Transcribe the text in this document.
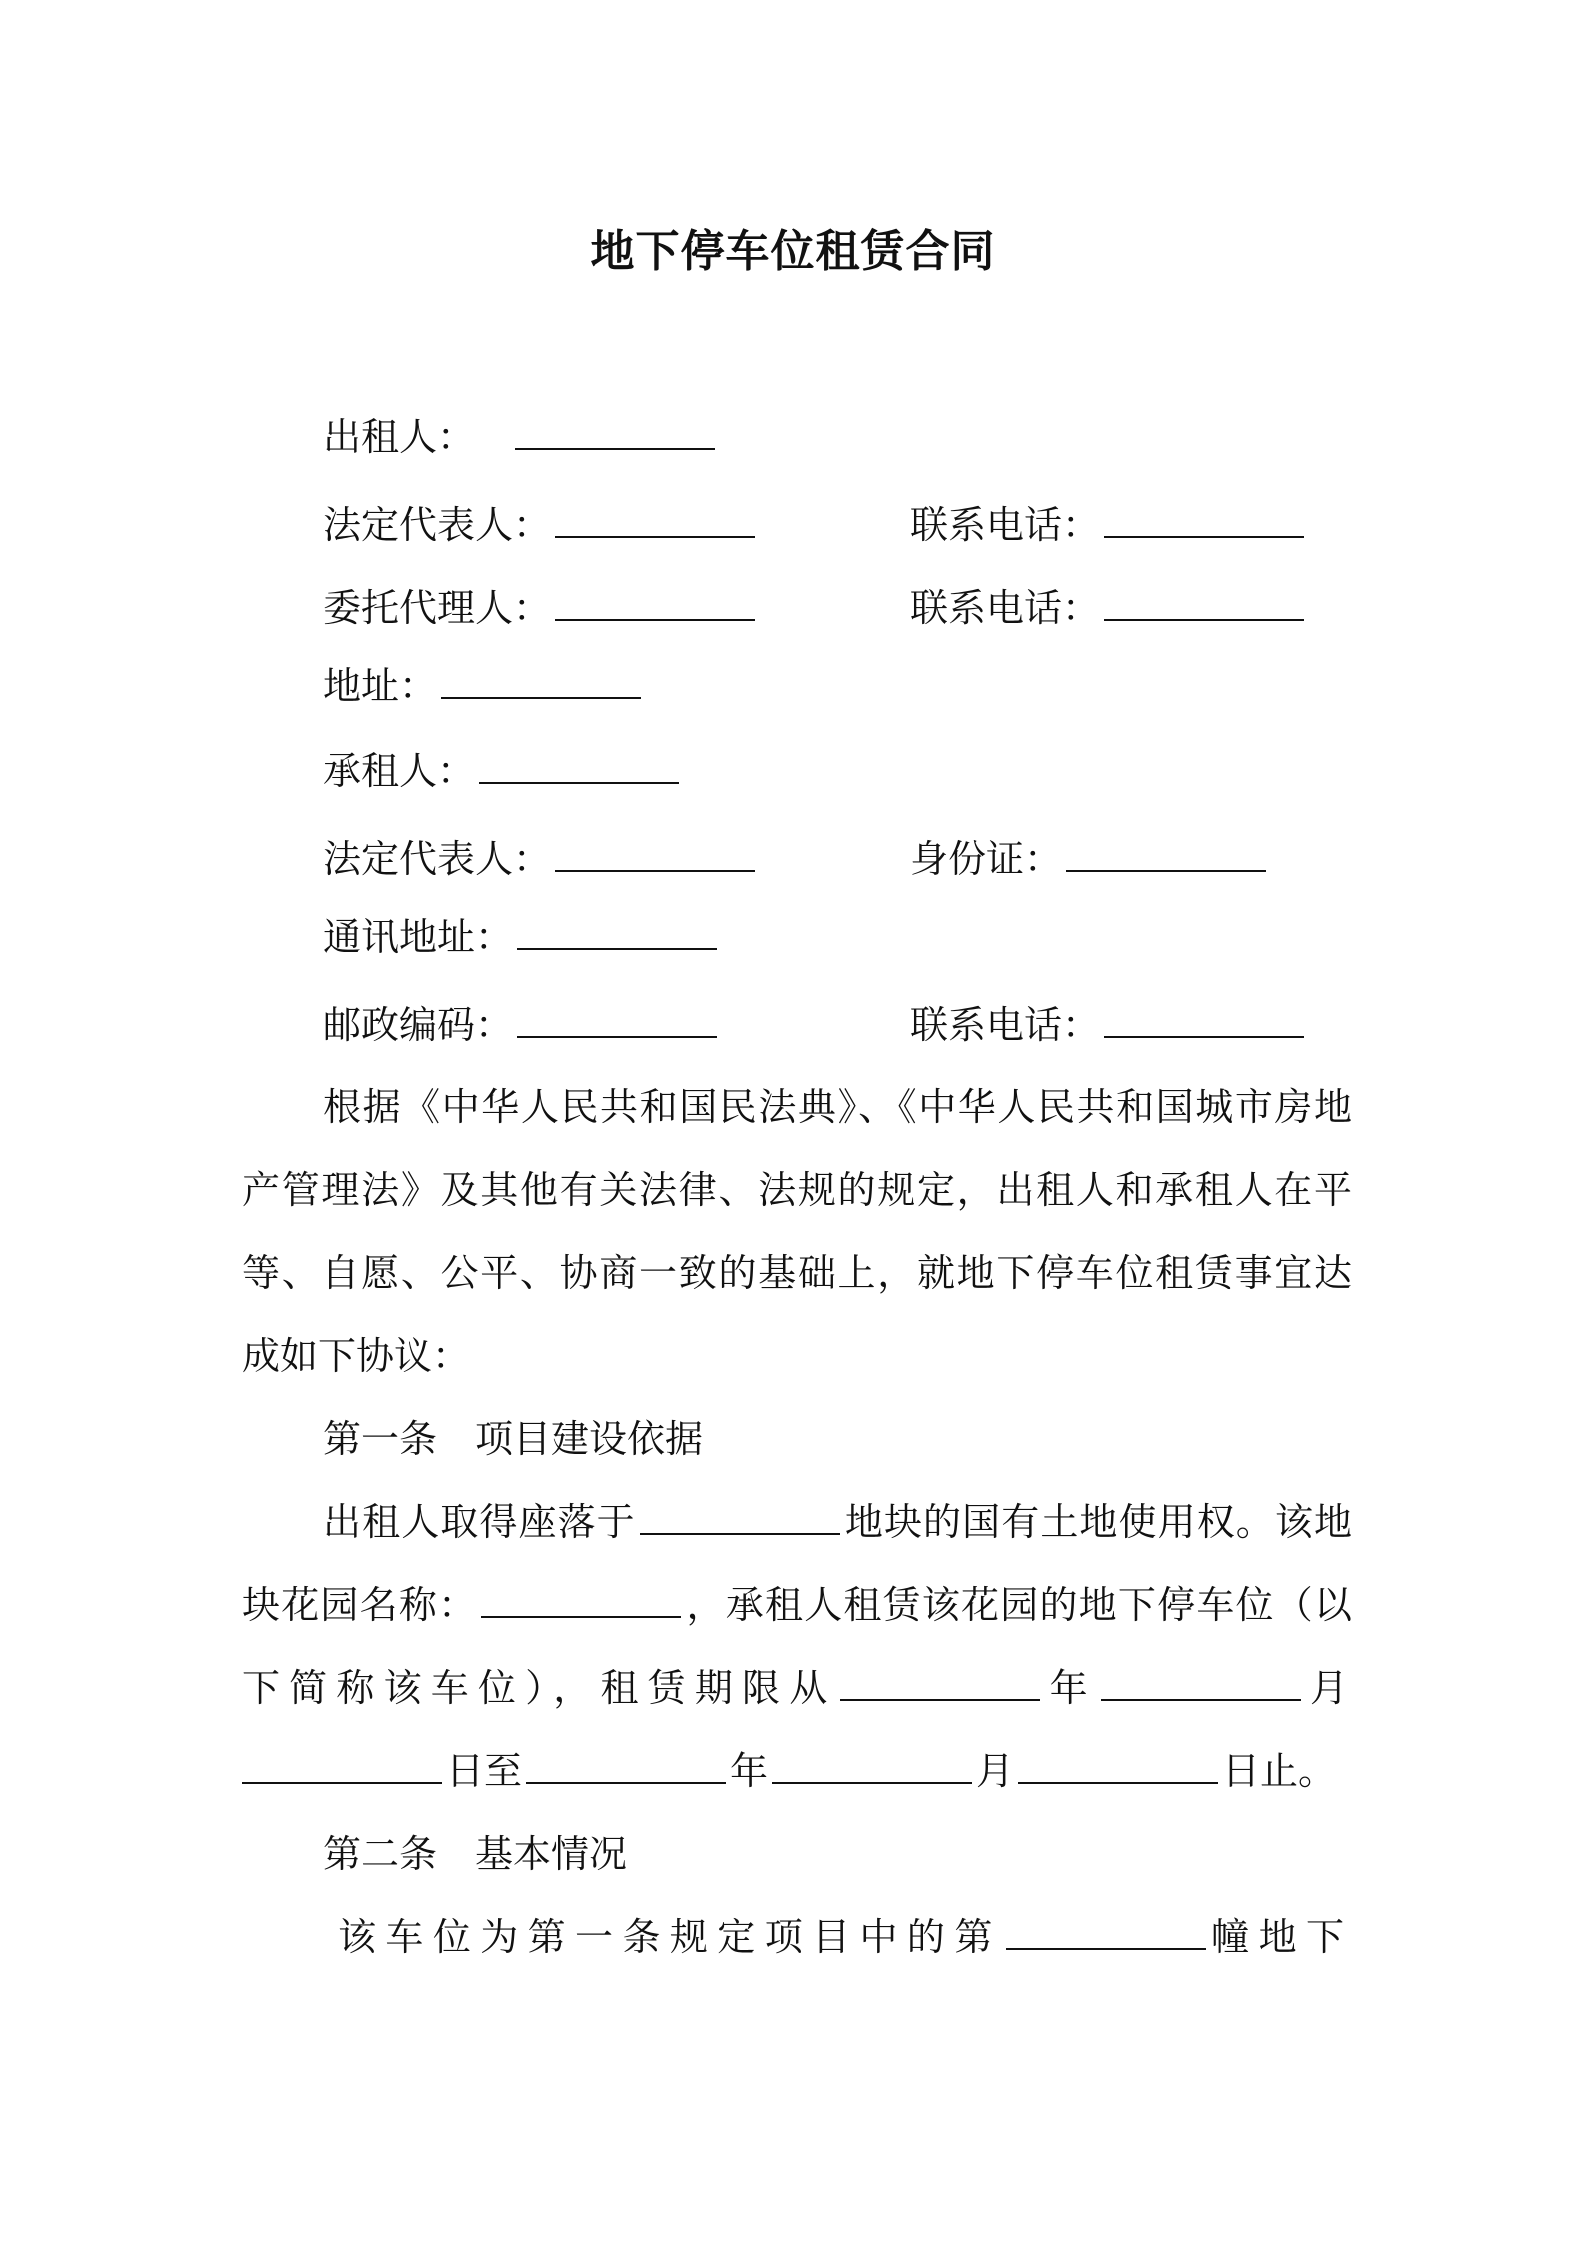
地下停车位租赁合同
出租人：
法定代表人：	联系电话：
委托代理人：	联系电话：
地址：
承租人：
法定代表人：	身份证：
通讯地址：
邮政编码：	联系电话：
根据《中华人民共和国民法典》、《中华人民共和国城市房地
产管理法》及其他有关法律、法规的规定，出租人和承租人在平
等、自愿、公平、协商一致的基础上，就地下停车位租赁事宜达
成如下协议：
第一条　项目建设依据
出租人取得座落于	地块的国有土地使用权。该地
块花园名称：	，承租人租赁该花园的地下停车位（以
下简称该车位），租赁期限从	年	月
日至	年	月	日止。
第二条　基本情况
该车位为第一条规定项目中的第	幢地下
